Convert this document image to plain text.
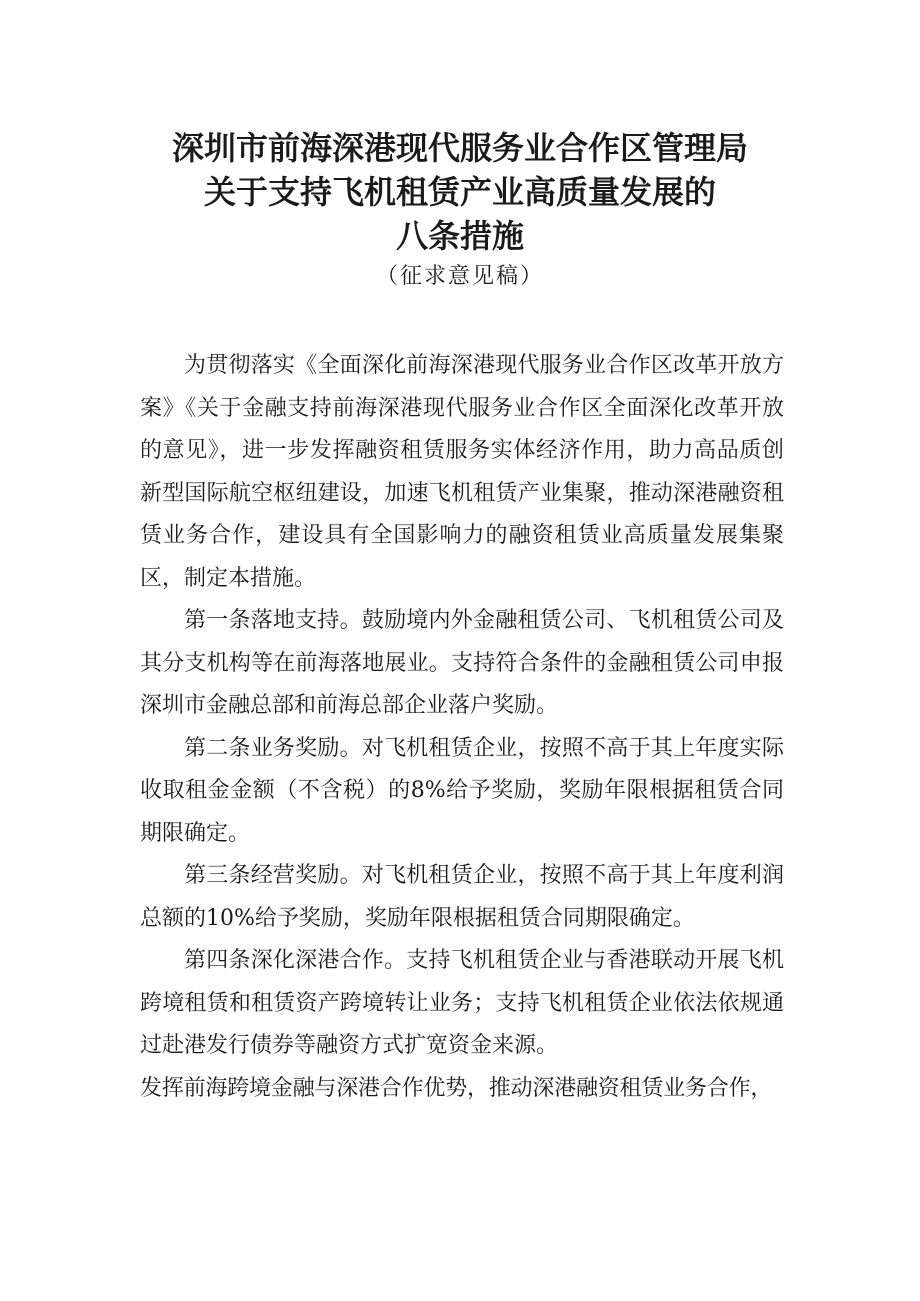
深圳市前海深港现代服务业合作区管理局
关于支持飞机租赁产业高质量发展的
八条措施
（征求意见稿）

为贯彻落实《全面深化前海深港现代服务业合作区改革开放方案》《关于金融支持前海深港现代服务业合作区全面深化改革开放的意见》，进一步发挥融资租赁服务实体经济作用，助力高品质创新型国际航空枢纽建设，加速飞机租赁产业集聚，推动深港融资租赁业务合作，建设具有全国影响力的融资租赁业高质量发展集聚区，制定本措施。

第一条落地支持。鼓励境内外金融租赁公司、飞机租赁公司及其分支机构等在前海落地展业。支持符合条件的金融租赁公司申报深圳市金融总部和前海总部企业落户奖励。

第二条业务奖励。对飞机租赁企业，按照不高于其上年度实际收取租金金额（不含税）的8%给予奖励，奖励年限根据租赁合同期限确定。

第三条经营奖励。对飞机租赁企业，按照不高于其上年度利润总额的10%给予奖励，奖励年限根据租赁合同期限确定。

第四条深化深港合作。支持飞机租赁企业与香港联动开展飞机跨境租赁和租赁资产跨境转让业务；支持飞机租赁企业依法依规通过赴港发行债券等融资方式扩宽资金来源。

发挥前海跨境金融与深港合作优势，推动深港融资租赁业务合作，
